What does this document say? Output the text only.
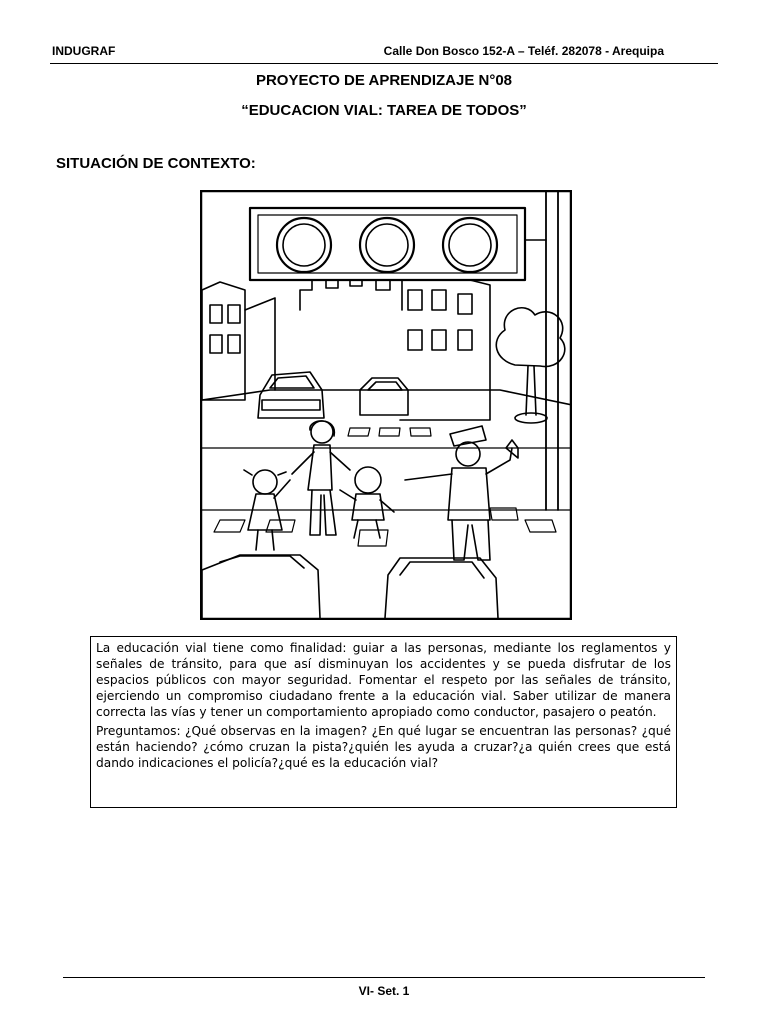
INDUGRAF	Calle Don Bosco 152-A – Teléf. 282078 - Arequipa
PROYECTO DE APRENDIZAJE N°08
“EDUCACION VIAL: TAREA DE TODOS”
SITUACIÓN DE CONTEXTO:

La educación vial tiene como finalidad: guiar a las personas, mediante los reglamentos y señales de tránsito, para que así disminuyan los accidentes y se pueda disfrutar de los espacios públicos con mayor seguridad. Fomentar el respeto por las señales de tránsito, ejerciendo un compromiso ciudadano frente a la educación vial. Saber utilizar de manera correcta las vías y tener un comportamiento apropiado como conductor, pasajero o peatón.

Preguntamos: ¿Qué observas en la imagen? ¿En qué lugar se encuentran las personas? ¿qué están haciendo? ¿cómo cruzan la pista?¿quién les ayuda a cruzar?¿a quién crees que está dando indicaciones el policía?¿qué es la educación vial?

VI- Set. 1
